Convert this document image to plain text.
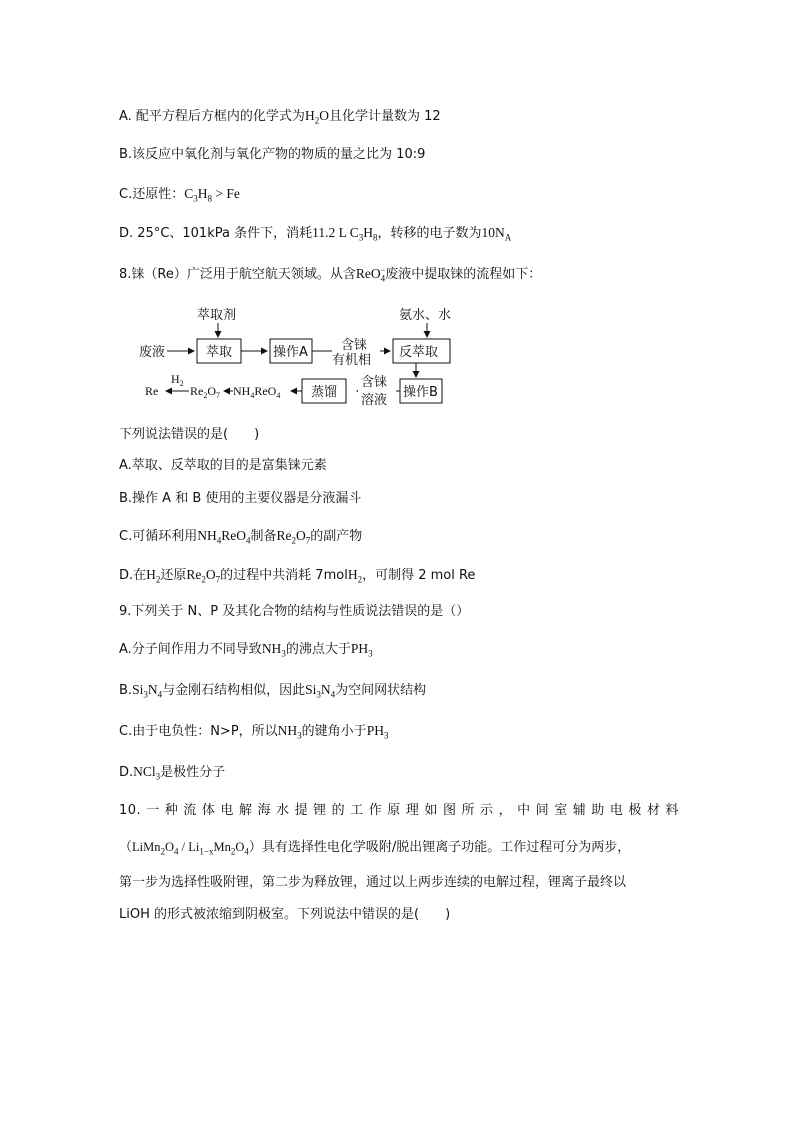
A. 配平方程后方框内的化学式为$H_2O$且化学计量数为 12
B.该反应中氧化剂与氧化产物的物质的量之比为 10:9
C.还原性：$C_3H_8 > Fe$
D. 25°C、101kPa 条件下，消耗11.2 L $C_3H_8$，转移的电子数为$10N_A$
8.铼（Re）广泛用于航空航天领域。从含ReO$_4$−废液中提取铼的流程如下：
萃取剂	氨水、水
废液	萃取	操作A	反萃取
含铼
有机相
操作B
含铼
溶液
蒸馏
$NH_4ReO_4$
$Re_2O_7$
$H_2$
Re
下列说法错误的是(　　)
A.萃取、反萃取的目的是富集铼元素
B.操作 A 和 B 使用的主要仪器是分液漏斗
C.可循环利用$NH_4ReO_4$制备$Re_2O_7$的副产物
D.在$H_2$还原$Re_2O_7$的过程中共消耗 7molH$_2$，可制得 2 mol Re
9.下列关于 N、P 及其化合物的结构与性质说法错误的是（）
A.分子间作用力不同导致$NH_3$的沸点大于$PH_3$
$B.Si_3N_4$与金刚石结构相似，因此$Si_3N_4$为空间网状结构
C.由于电负性：N>P，所以$NH_3$的键角小于$PH_3$
D.NCl$_3$是极性分子
10.一种流体电解海水提锂的工作原理如图所示，中间室辅助电极材料
$(LiMn_2O_4 / Li_{1-x}Mn_2O_4)$具有选择性电化学吸附/脱出锂离子功能。工作过程可分为两步，
第一步为选择性吸附锂，第二步为释放锂，通过以上两步连续的电解过程，锂离子最终以
LiOH 的形式被浓缩到阴极室。下列说法中错误的是(　　)
